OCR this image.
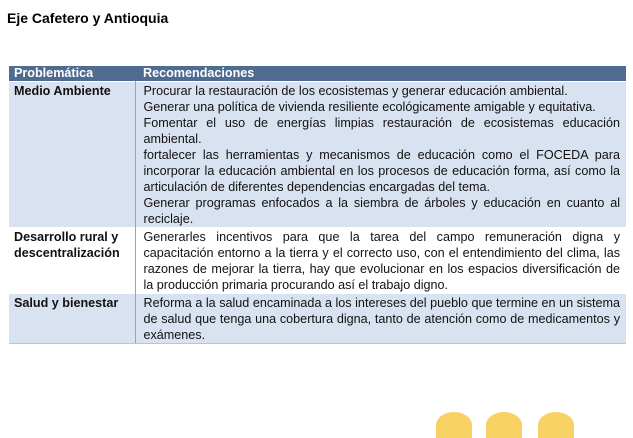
Eje Cafetero y Antioquia
Problemática	Recomendaciones
Medio Ambiente	Procurar la restauración de los ecosistemas y generar educación ambiental.
Generar una política de vivienda resiliente ecológicamente amigable y equitativa.
Fomentar el uso de energías limpias restauración de ecosistemas educación ambiental.
fortalecer las herramientas y mecanismos de educación como el FOCEDA para incorporar la educación ambiental en los procesos de educación forma, así como la articulación de diferentes dependencias encargadas del tema.
Generar programas enfocados a la siembra de árboles y educación en cuanto al reciclaje.

Desarrollo rural y descentralización	Generarles incentivos para que la tarea del campo remuneración digna y capacitación entorno a la tierra y el correcto uso, con el entendimiento del clima, las razones de mejorar la tierra, hay que evolucionar en los espacios diversificación de la producción primaria procurando así el trabajo digno.

Salud y bienestar	Reforma a la salud encaminada a los intereses del pueblo que termine en un sistema de salud que tenga una cobertura digna, tanto de atención como de medicamentos y exámenes.
